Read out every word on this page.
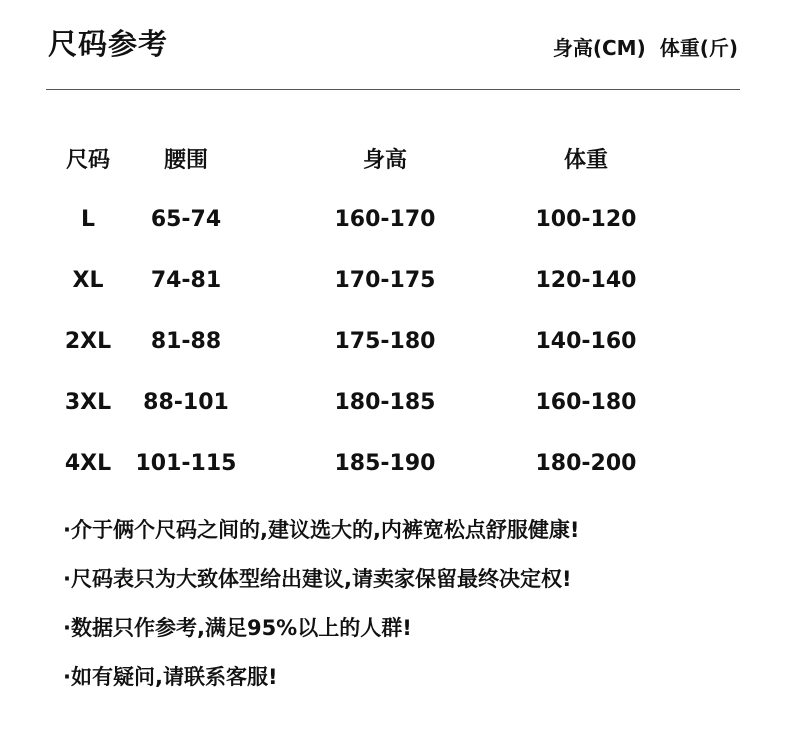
尺码参考	身高(CM) 体重(斤)
尺码	腰围	身高	体重
L	65-74	160-170	100-120
XL	74-81	170-175	120-140
2XL	81-88	175-180	140-160
3XL	88-101	180-185	160-180
4XL	101-115	185-190	180-200
·介于俩个尺码之间的,建议选大的,内裤宽松点舒服健康!
·尺码表只为大致体型给出建议,请卖家保留最终决定权!
·数据只作参考,满足95%以上的人群!
·如有疑问,请联系客服!
